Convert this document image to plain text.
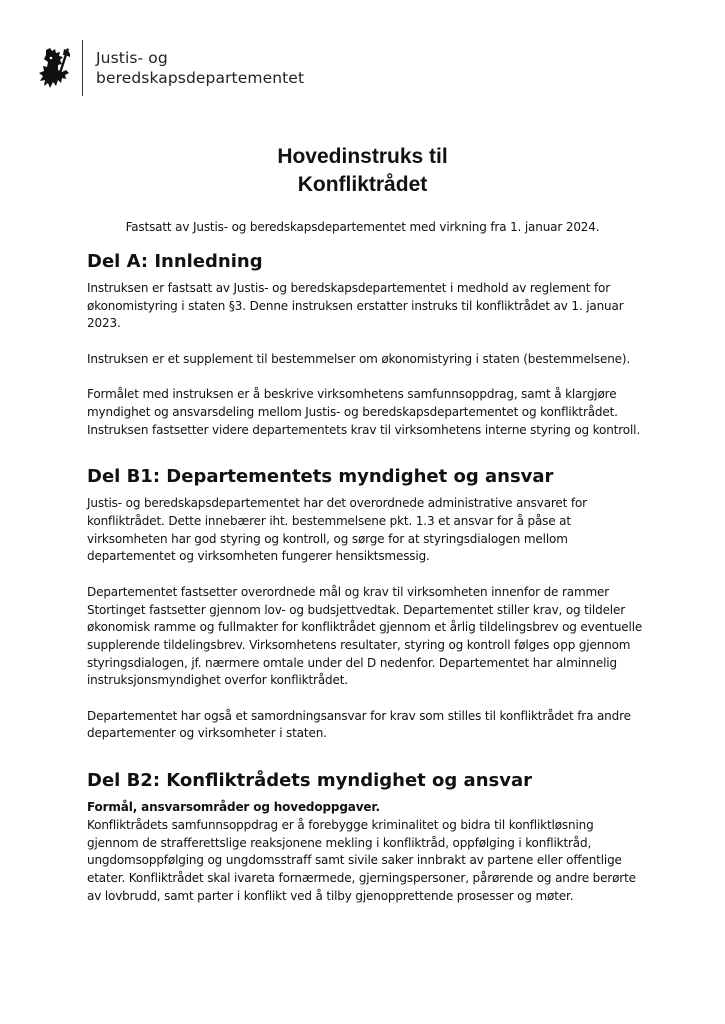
Justis- og
beredskapsdepartementet
Hovedinstruks til
Konfliktrådet

Fastsatt av Justis- og beredskapsdepartementet med virkning fra 1. januar 2024.

Del A: Innledning

Instruksen er fastsatt av Justis- og beredskapsdepartementet i medhold av reglement for
økonomistyring i staten §3. Denne instruksen erstatter instruks til konfliktrådet av 1. januar
2023.

Instruksen er et supplement til bestemmelser om økonomistyring i staten (bestemmelsene).

Formålet med instruksen er å beskrive virksomhetens samfunnsoppdrag, samt å klargjøre
myndighet og ansvarsdeling mellom Justis- og beredskapsdepartementet og konfliktrådet.
Instruksen fastsetter videre departementets krav til virksomhetens interne styring og kontroll.

Del B1: Departementets myndighet og ansvar

Justis- og beredskapsdepartementet har det overordnede administrative ansvaret for
konfliktrådet. Dette innebærer iht. bestemmelsene pkt. 1.3 et ansvar for å påse at
virksomheten har god styring og kontroll, og sørge for at styringsdialogen mellom
departementet og virksomheten fungerer hensiktsmessig.

Departementet fastsetter overordnede mål og krav til virksomheten innenfor de rammer
Stortinget fastsetter gjennom lov- og budsjettvedtak. Departementet stiller krav, og tildeler
økonomisk ramme og fullmakter for konfliktrådet gjennom et årlig tildelingsbrev og eventuelle
supplerende tildelingsbrev. Virksomhetens resultater, styring og kontroll følges opp gjennom
styringsdialogen, jf. nærmere omtale under del D nedenfor. Departementet har alminnelig
instruksjonsmyndighet overfor konfliktrådet.

Departementet har også et samordningsansvar for krav som stilles til konfliktrådet fra andre
departementer og virksomheter i staten.

Del B2: Konfliktrådets myndighet og ansvar

Formål, ansvarsområder og hovedoppgaver.

Konfliktrådets samfunnsoppdrag er å forebygge kriminalitet og bidra til konfliktløsning
gjennom de strafferettslige reaksjonene mekling i konfliktråd, oppfølging i konfliktråd,
ungdomsoppfølging og ungdomsstraff samt sivile saker innbrakt av partene eller offentlige
etater. Konfliktrådet skal ivareta fornærmede, gjerningspersoner, pårørende og andre berørte
av lovbrudd, samt parter i konflikt ved å tilby gjenopprettende prosesser og møter.
